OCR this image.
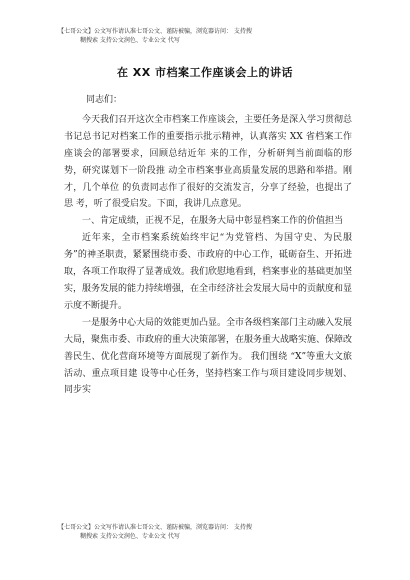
【七哥公文】公文写作请认准七哥公文、谨防被骗，浏览器访问： 支持搜
糊搜索 支持公文润色、专业公文 代写
在 XX 市档案工作座谈会上的讲话

同志们：

今天我们召开这次全市档案工作座谈会，主要任务是深入学习贯彻总书记总书记对档案工作的重要指示批示精神，认真落实 XX 省档案工作座谈会的部署要求，回顾总结近年 来的工作，分析研判当前面临的形势，研究谋划下一阶段推 动全市档案事业高质量发展的思路和举措。刚才，几个单位 的负责同志作了很好的交流发言，分享了经验，也提出了思 考，听了很受启发。下面，我讲几点意见。

一、肯定成绩，正视不足，在服务大局中彰显档案工作的价值担当

近年来，全市档案系统始终牢记“为党管档、为国守史、为民服务”的神圣职责，紧紧围绕市委、市政府的中心工作，砥砺奋生、开拓进取，各项工作取得了显著成效。我们欣慰地看到，档案事业的基础更加坚实，服务发展的能力持续增强，在全市经济社会发展大局中的贡献度和显示度不断提升。

一是服务中心大局的效能更加凸显。全市各级档案部门主动融入发展大局，聚焦市委、市政府的重大决策部署，在服务重大战略实施、保障改善民生、优化营商环境等方面展现了新作为。 我们围绕 “X”等重大文旅活动、重点项目建 设等中心任务，坚持档案工作与项目建设同步规划、同步实

【七哥公文】公文写作请认准七哥公文、谨防被骗，浏览器访问： 支持搜
糊搜索 支持公文润色、专业公文 代写
